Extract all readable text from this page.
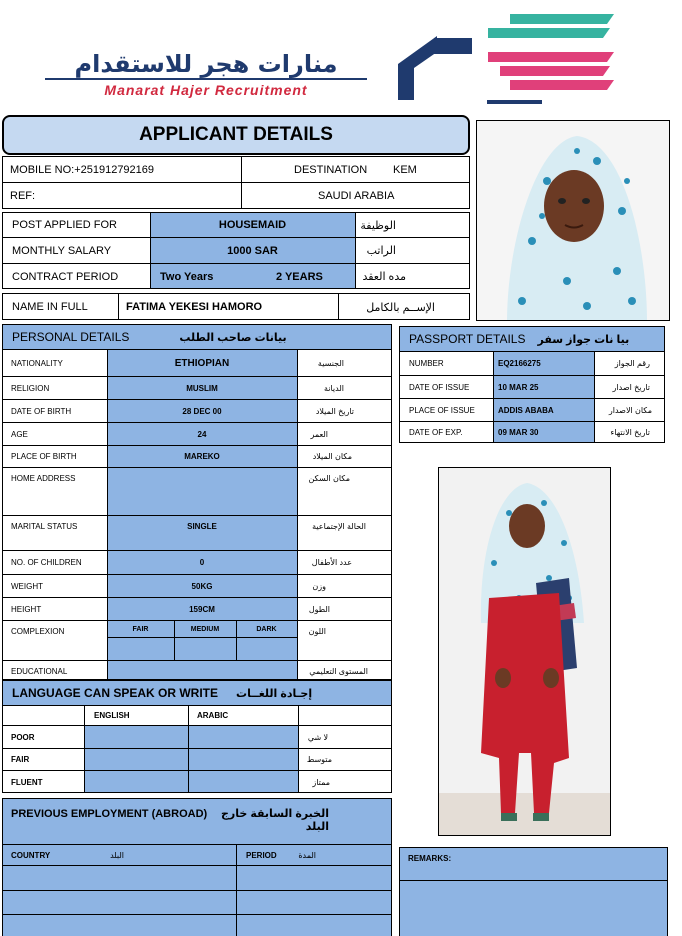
منارات هجر للاستقدام
Manarat Hajer Recruitment
APPLICANT DETAILS
MOBILE NO: +251912792169	DESTINATION KEM
REF:	SAUDI ARABIA
POST APPLIED FOR	HOUSEMAID	الوظيفة
MONTHLY SALARY	1000 SAR	الراتب
CONTRACT PERIOD	Two Years	2 YEARS	مده العقد
NAME IN FULL	FATIMA YEKESI HAMORO	الإســم بالكامل
PERSONAL DETAILS	بيانات صاحب الطلب
NATIONALITY	ETHIOPIAN	الجنسية
RELIGION	MUSLIM	الديانة
DATE OF BIRTH	28 DEC 00	تاريخ الميلاد
AGE	24	العمر
PLACE OF BIRTH	MAREKO	مكان الميلاد
HOME ADDRESS	مكان السكن
MARITAL STATUS	SINGLE	الحالة الإجتماعية
NO. OF CHILDREN	0	عدد الأطفال
WEIGHT	50KG	وزن
HEIGHT	159CM	الطول
COMPLEXION	FAIR	MEDIUM	DARK	اللون
EDUCATIONAL	المستوى التعليمي
PASSPORT DETAILS بيا نات جواز سفر
NUMBER	EQ2166275	رقم الجواز
DATE OF ISSUE	10 MAR 25	تاريخ اصدار
PLACE OF ISSUE	ADDIS ABABA	مكان الاصدار
DATE OF EXP.	09 MAR 30	تاريخ الانتهاء
LANGUAGE CAN SPEAK OR WRITE إجـادة اللغــات
ENGLISH	ARABIC
POOR	لا شي
FAIR	متوسط
FLUENT	ممتاز
PREVIOUS EMPLOYMENT (ABROAD)	الخبرة السابقة خارج البلد
COUNTRY	البلد	PERIOD	المدة	REMARKS:
